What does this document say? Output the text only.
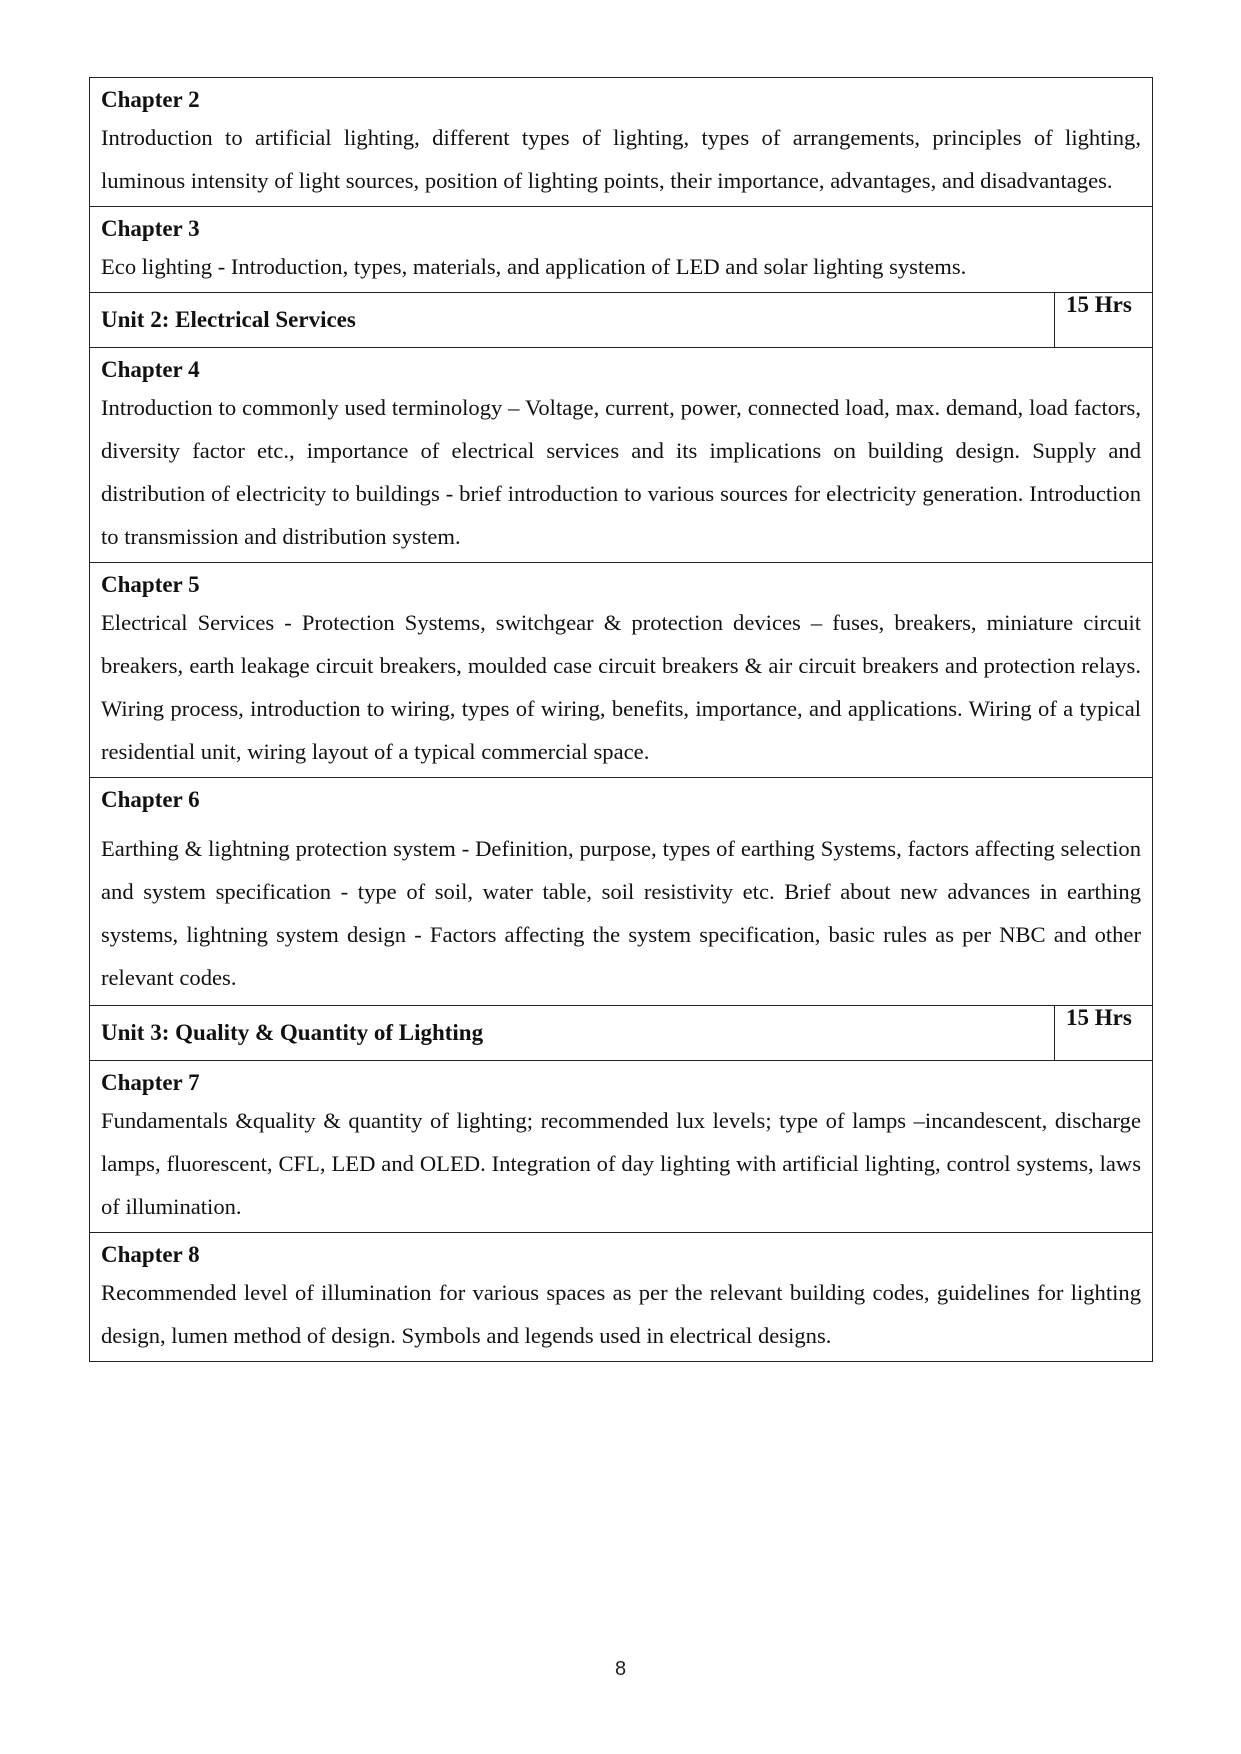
Chapter 2

Introduction to artificial lighting, different types of lighting, types of arrangements, principles of lighting, luminous intensity of light sources, position of lighting points, their importance, advantages, and disadvantages.	

Chapter 3

Eco lighting - Introduction, types, materials, and application of LED and solar lighting systems.	

Unit 2: Electrical Services	15 Hrs

Chapter 4

Introduction to commonly used terminology – Voltage, current, power, connected load, max. demand, load factors, diversity factor etc., importance of electrical services and its implications on building design. Supply and distribution of electricity to buildings - brief introduction to various sources for electricity generation. Introduction to transmission and distribution system.	

Chapter 5

Electrical Services - Protection Systems, switchgear & protection devices – fuses, breakers, miniature circuit breakers, earth leakage circuit breakers, moulded case circuit breakers & air circuit breakers and protection relays. Wiring process, introduction to wiring, types of wiring, benefits, importance, and applications. Wiring of a typical residential unit, wiring layout of a typical commercial space.	

Chapter 6

Earthing & lightning protection system - Definition, purpose, types of earthing Systems, factors affecting selection and system specification - type of soil, water table, soil resistivity etc. Brief about new advances in earthing systems, lightning system design - Factors affecting the system specification, basic rules as per NBC and other relevant codes.	

Unit 3: Quality & Quantity of Lighting	15 Hrs

Chapter 7

Fundamentals &quality & quantity of lighting; recommended lux levels; type of lamps –incandescent, discharge lamps, fluorescent, CFL, LED and OLED. Integration of day lighting with artificial lighting, control systems, laws of illumination.	

Chapter 8

Recommended level of illumination for various spaces as per the relevant building codes, guidelines for lighting design, lumen method of design. Symbols and legends used in electrical designs.	

8
